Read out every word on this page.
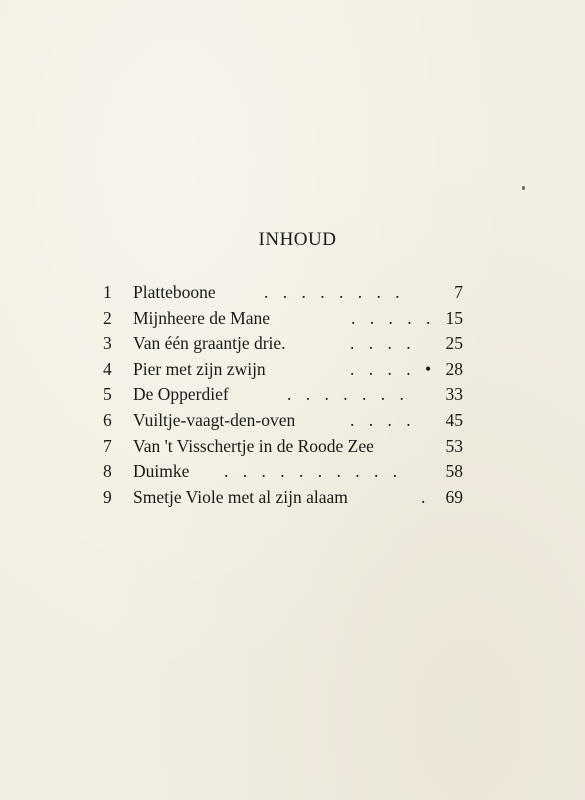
INHOUD
1	Platteboone	. . . . . . . .	7
2	Mijnheere de Mane	. . . . . 15
3	Van één graantje drie.	. . . . 25
4	Pier met zijn zwijn	. . . . • 28
5	De Opperdief	. . . . . . . 33
6	Vuiltje-vaagt-den-oven	. . . . 45
7	Van 't Visschertje in de Roode Zee	53
8	Duimke . . . . . . . . . . 58
9	Smetje Viole met al zijn alaam	. 69
